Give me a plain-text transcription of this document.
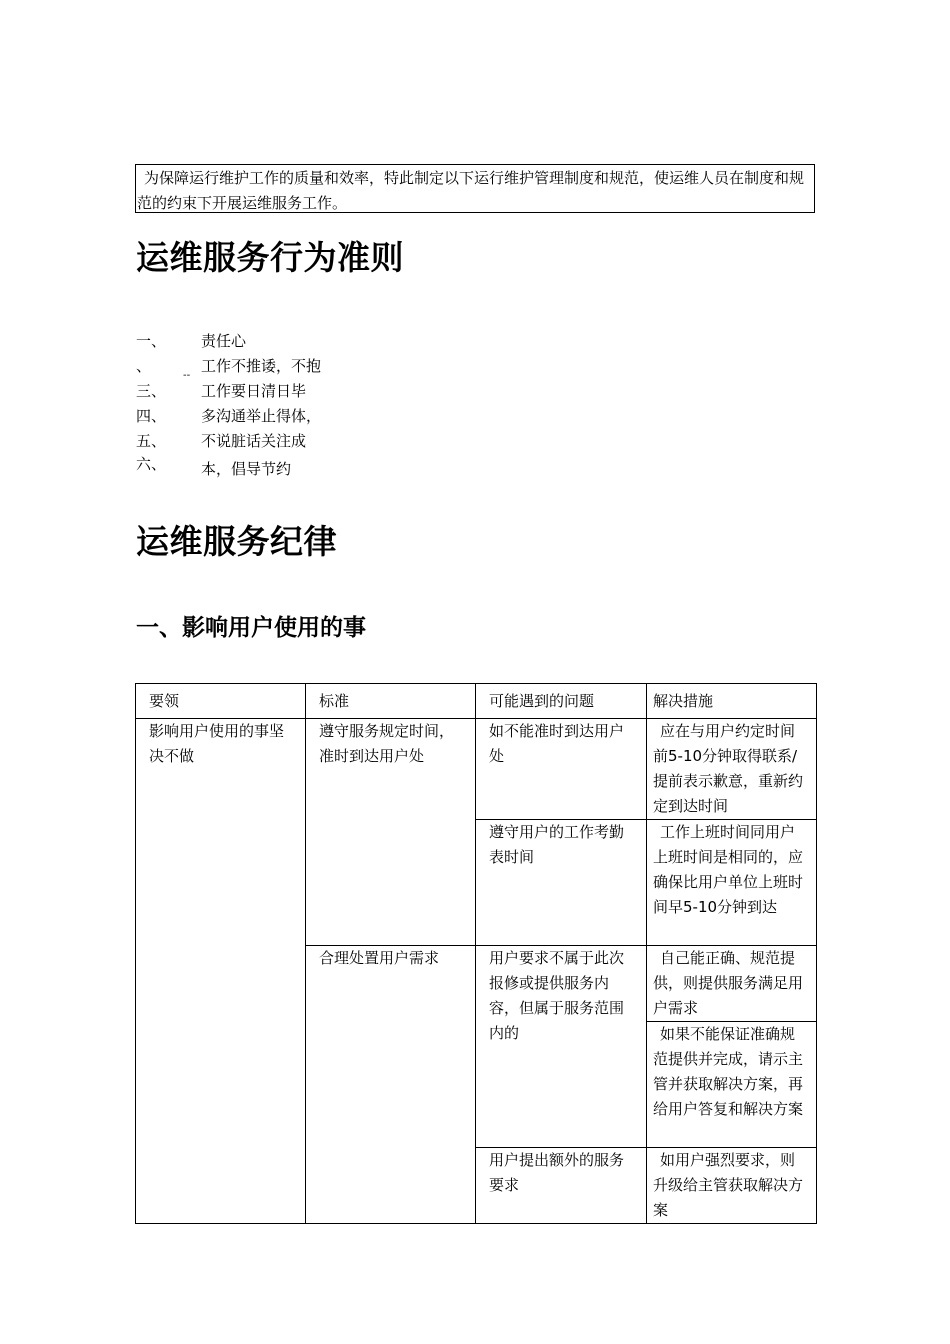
为保障运行维护工作的质量和效率，特此制定以下运行维护管理制度和规范，使运维人员在制度和规范的约束下开展运维服务工作。
运维服务行为准则
一、 责任心
、	工作不推诿，不抱
三、 工作要日清日毕
四、 多沟通举止得体，
五、 不说脏话关注成
六、 本，倡导节约
--
运维服务纪律
一、影响用户使用的事
要领	标准	可能遇到的问题	解决措施
影响用户使用的事坚决不做	遵守服务规定时间，准时到达用户处	如不能准时到达用户处	应在与用户约定时间前5-10分钟取得联系/提前表示歉意，重新约定到达时间

		遵守用户的工作考勤表时间	工作上班时间同用户上班时间是相同的，应确保比用户单位上班时间早5-10分钟到达

	合理处置用户需求	用户要求不属于此次报修或提供服务内容，但属于服务范围内的	自己能正确、规范提供，则提供服务满足用户需求

			如果不能保证准确规范提供并完成，请示主管并获取解决方案，再给用户答复和解决方案

		用户提出额外的服务要求	如用户强烈要求，则升级给主管获取解决方案
